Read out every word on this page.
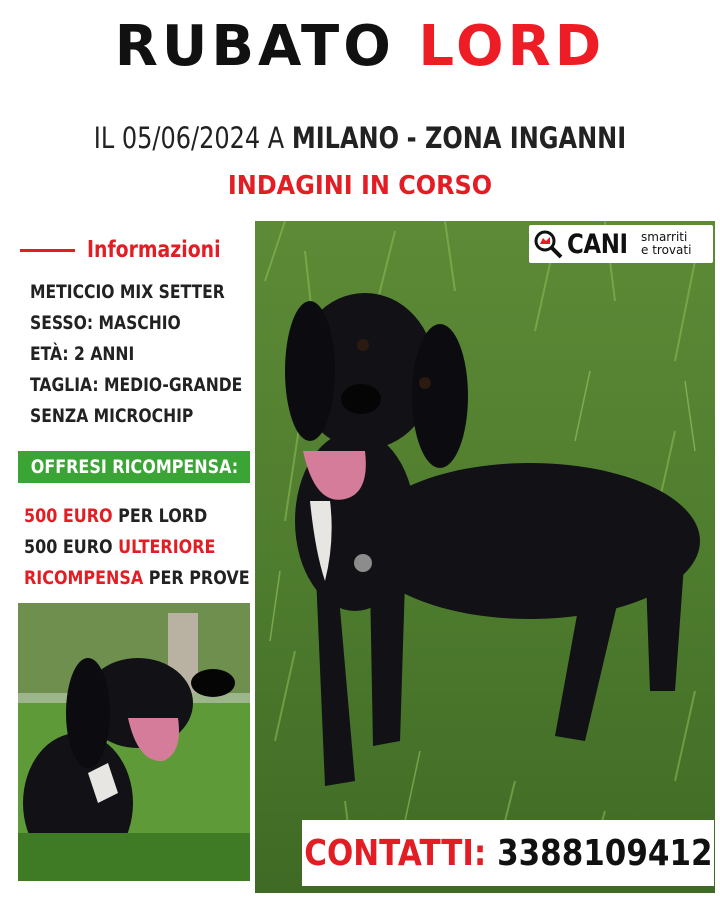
RUBATO LORD
IL 05/06/2024 A MILANO - ZONA INGANNI
INDAGINI IN CORSO
CANI smarriti
e trovati
Informazioni
METICCIO MIX SETTER
SESSO: MASCHIO
ETÀ: 2 ANNI
TAGLIA: MEDIO-GRANDE
SENZA MICROCHIP
OFFRESI RICOMPENSA:
500 EURO PER LORD
500 EURO ULTERIORE
RICOMPENSA PER PROVE
CONTATTI: 3388109412
